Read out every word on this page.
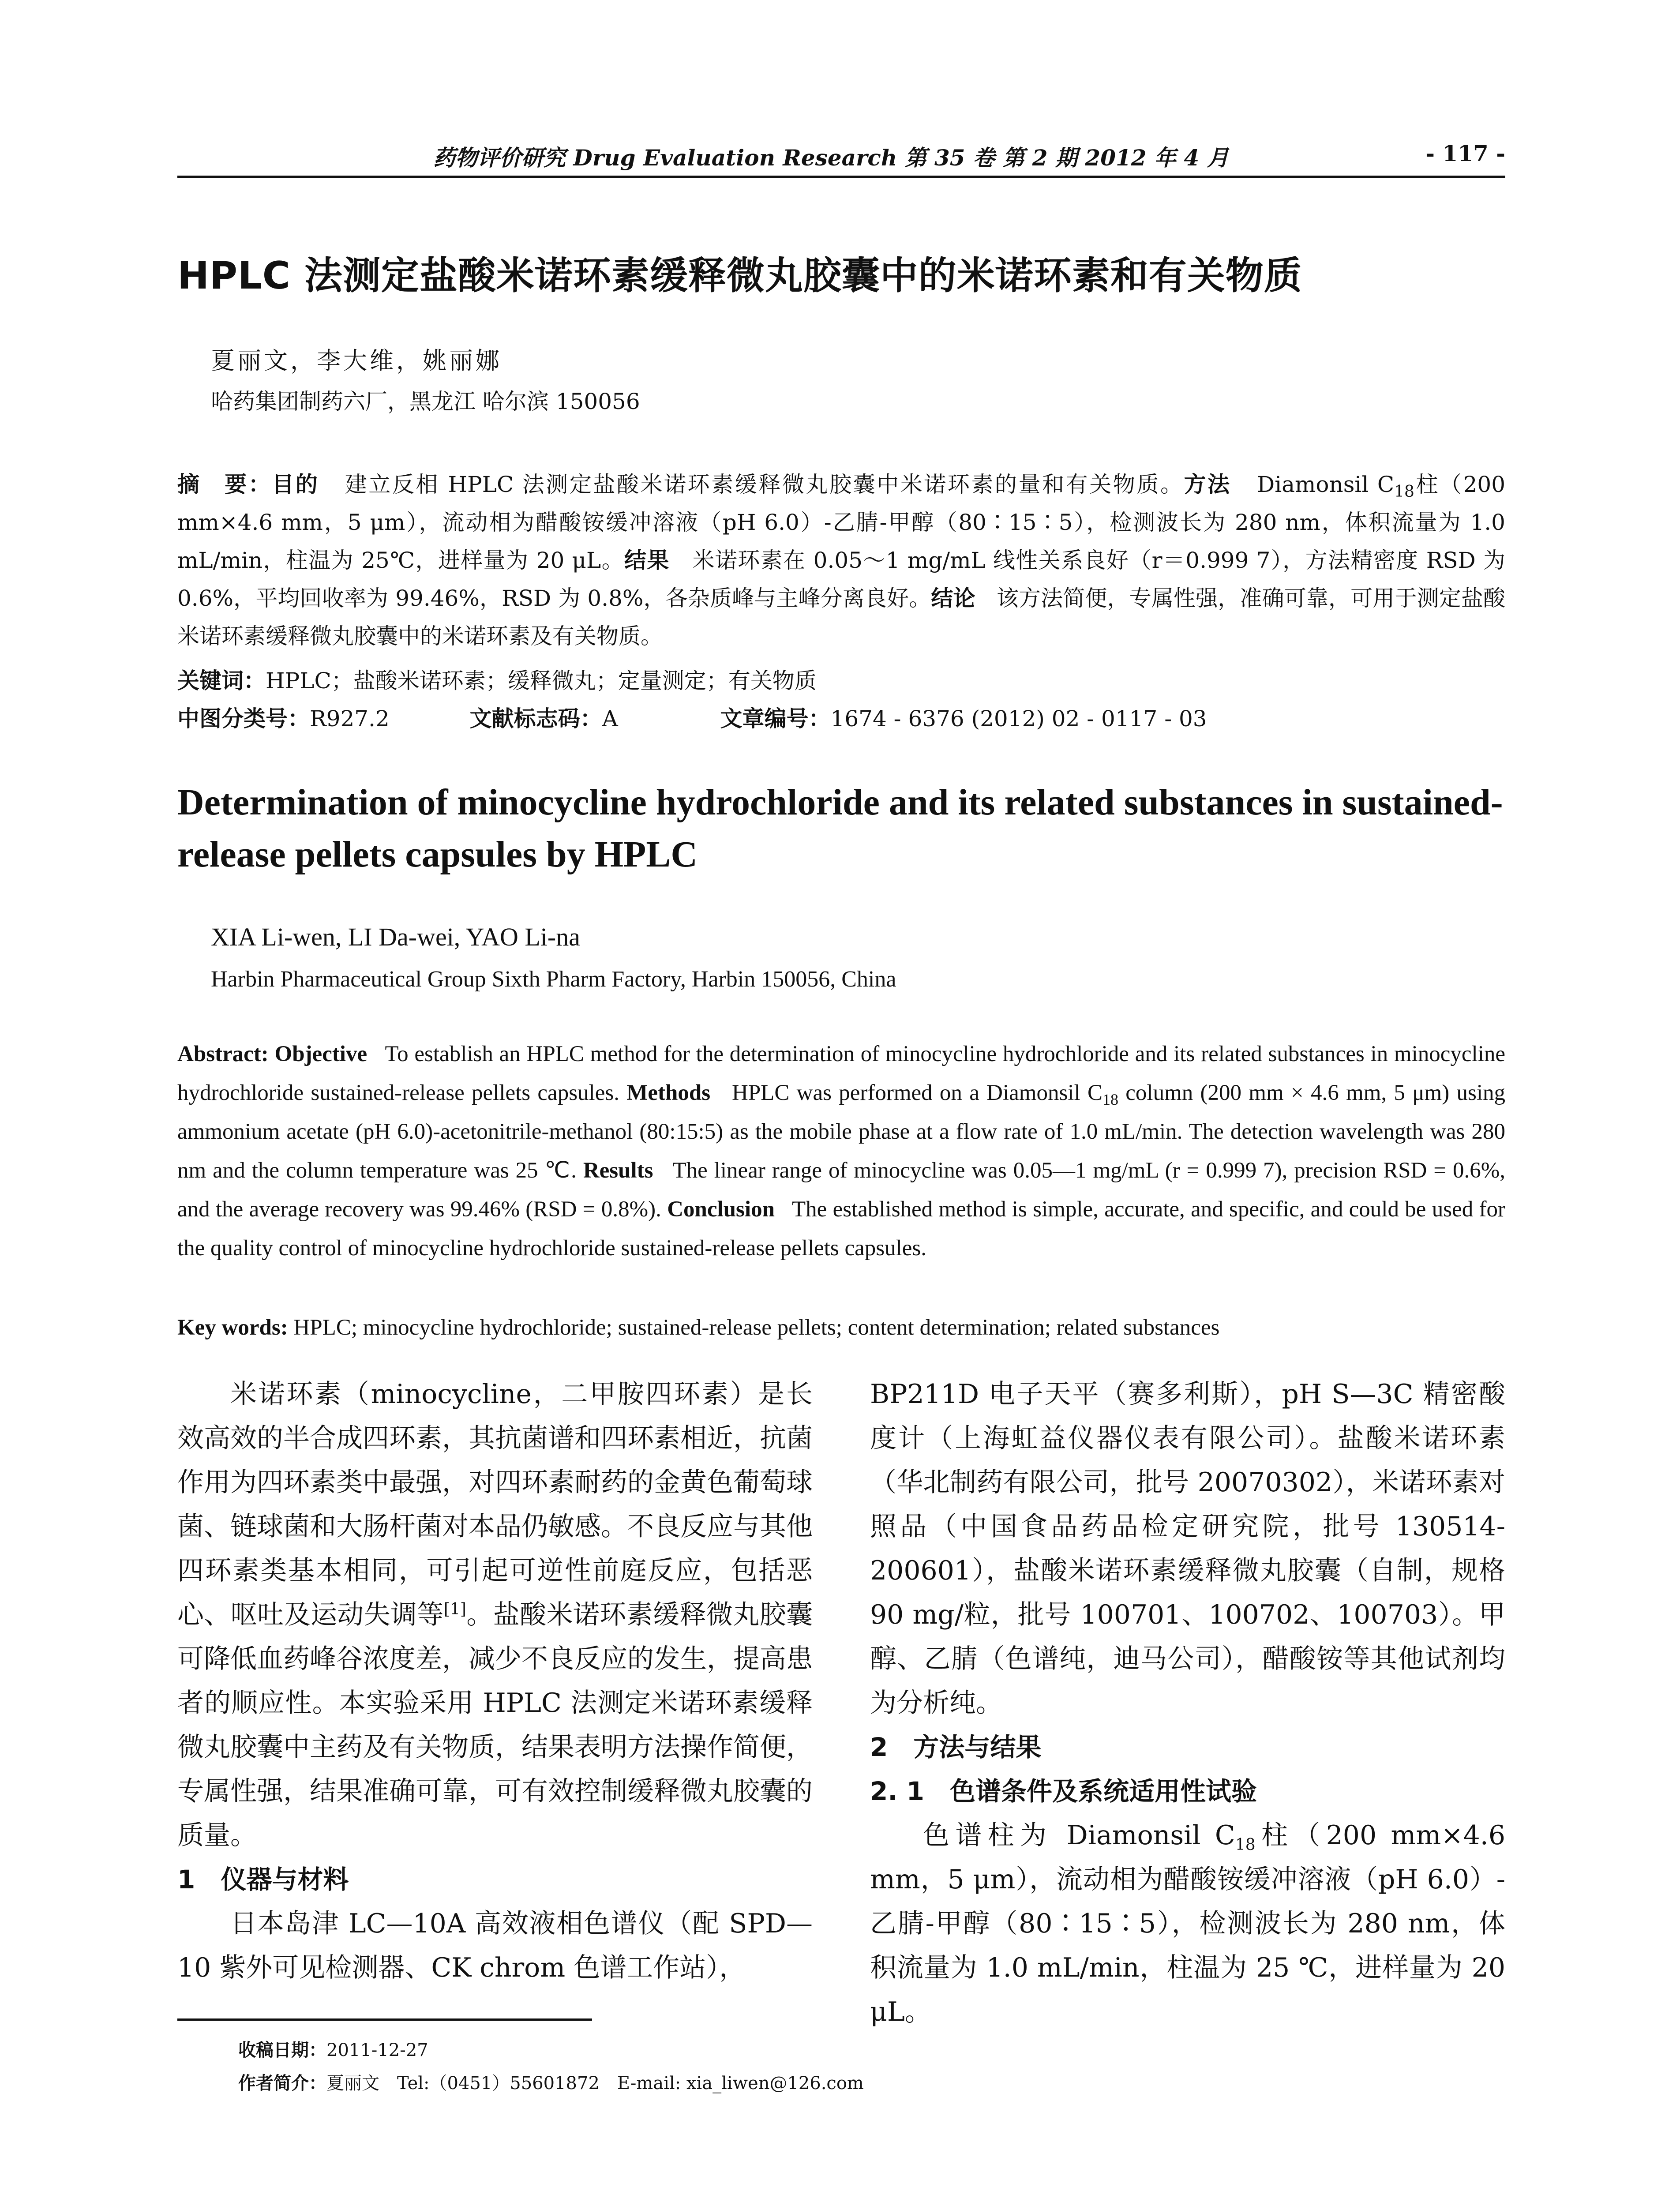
药物评价研究 Drug Evaluation Research 第 35 卷 第 2 期 2012 年 4 月	- 117 -
HPLC 法测定盐酸米诺环素缓释微丸胶囊中的米诺环素和有关物质
夏丽文，李大维，姚丽娜
哈药集团制药六厂，黑龙江 哈尔滨 150056
摘　要：目的 建立反相 HPLC 法测定盐酸米诺环素缓释微丸胶囊中米诺环素的量和有关物质。方法 Diamonsil $C_{18}$柱（200 mm×4.6 mm，5 μm），流动相为醋酸铵缓冲溶液（pH 6.0）-乙腈-甲醇（80∶15∶5），检测波长为 280 nm，体积流量为 1.0 mL/min，柱温为 25℃，进样量为 20 μL。结果 米诺环素在 0.05～1 mg/mL 线性关系良好（r＝0.999 7），方法精密度 RSD 为 0.6%，平均回收率为 99.46%，RSD 为 0.8%，各杂质峰与主峰分离良好。结论 该方法简便，专属性强，准确可靠，可用于测定盐酸米诺环素缓释微丸胶囊中的米诺环素及有关物质。
关键词：HPLC；盐酸米诺环素；缓释微丸；定量测定；有关物质
中图分类号：R927.2	文献标志码：A	文章编号：1674 - 6376 (2012) 02 - 0117 - 03
Determination of minocycline hydrochloride and its related substances in sustained-release pellets capsules by HPLC
XIA Li-wen, LI Da-wei, YAO Li-na
Harbin Pharmaceutical Group Sixth Pharm Factory, Harbin 150056, China
Abstract: Objective To establish an HPLC method for the determination of minocycline hydrochloride and its related substances in minocycline hydrochloride sustained-release pellets capsules. Methods HPLC was performed on a Diamonsil $C_{18}$ column (200 mm × 4.6 mm, 5 μm) using ammonium acetate (pH 6.0)-acetonitrile-methanol (80:15:5) as the mobile phase at a flow rate of 1.0 mL/min. The detection wavelength was 280 nm and the column temperature was 25 ℃. Results The linear range of minocycline was 0.05—1 mg/mL (r = 0.999 7), precision RSD = 0.6%, and the average recovery was 99.46% (RSD = 0.8%). Conclusion The established method is simple, accurate, and specific, and could be used for the quality control of minocycline hydrochloride sustained-release pellets capsules.
Key words: HPLC; minocycline hydrochloride; sustained-release pellets; content determination; related substances

米诺环素（minocycline，二甲胺四环素）是长效高效的半合成四环素，其抗菌谱和四环素相近，抗菌作用为四环素类中最强，对四环素耐药的金黄色葡萄球菌、链球菌和大肠杆菌对本品仍敏感。不良反应与其他四环素类基本相同，可引起可逆性前庭反应，包括恶心、呕吐及运动失调等[1]。盐酸米诺环素缓释微丸胶囊可降低血药峰谷浓度差，减少不良反应的发生，提高患者的顺应性。本实验采用 HPLC 法测定米诺环素缓释微丸胶囊中主药及有关物质，结果表明方法操作简便，专属性强，结果准确可靠，可有效控制缓释微丸胶囊的质量。

1　仪器与材料

日本岛津 LC—10A 高效液相色谱仪（配 SPD—10 紫外可见检测器、CK chrom 色谱工作站），

BP211D 电子天平（赛多利斯），pH S—3C 精密酸度计（上海虹益仪器仪表有限公司）。盐酸米诺环素（华北制药有限公司，批号 20070302），米诺环素对照品（中国食品药品检定研究院，批号 130514-200601），盐酸米诺环素缓释微丸胶囊（自制，规格 90 mg/粒，批号 100701、100702、100703）。甲醇、乙腈（色谱纯，迪马公司），醋酸铵等其他试剂均为分析纯。

2　方法与结果

2. 1　色谱条件及系统适用性试验

色谱柱为 Diamonsil $C_{18}$柱（200 mm×4.6 mm，5 μm），流动相为醋酸铵缓冲溶液（pH 6.0）-乙腈-甲醇（80∶15∶5），检测波长为 280 nm，体积流量为 1.0 mL/min，柱温为 25 ℃，进样量为 20 μL。

收稿日期：2011-12-27
作者简介：夏丽文　Tel:（0451）55601872　E-mail: xia_liwen@126.com
